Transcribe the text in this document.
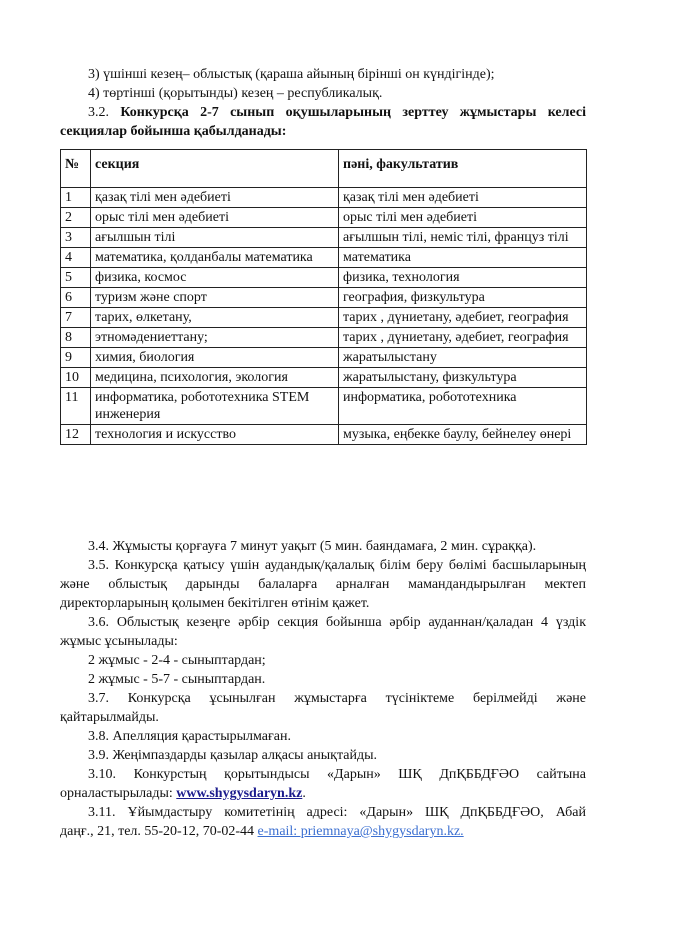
3) үшінші кезең– облыстық (қараша айының бірінші он күндігінде);
4) төртінші (қорытынды) кезең – республикалық.
3.2. Конкурсқа 2-7 сынып оқушыларының зерттеу жұмыстары келесі
секциялар бойынша қабылданады:
№	секция	пәні, факультатив
1	қазақ тілі мен әдебиеті	қазақ тілі мен әдебиеті
2	орыс тілі мен әдебиеті	орыс тілі мен әдебиеті
3	ағылшын тілі	ағылшын тілі, неміс тілі, француз тілі
4	математика, қолданбалы математика	математика
5	физика, космос	физика, технология
6	туризм және спорт	география, физкультура
7	тарих, өлкетану,	тарих , дүниетану, әдебиет, география
8	этномәдениеттану;	тарих , дүниетану, әдебиет, география
9	химия, биология	жаратылыстану
10	медицина, психология, экология	жаратылыстану, физкультура
11	информатика, робототехника STEM инженерия	информатика, робототехника
12	технология и искусство	музыка, еңбекке баулу, бейнелеу өнері
3.4. Жұмысты қорғауға 7 минут уақыт (5 мин. баяндамаға, 2 мин. сұраққа).
3.5. Конкурсқа қатысу үшін аудандық/қалалық білім беру бөлімі басшыларының
және облыстық дарынды балаларға арналған мамандандырылған мектеп
директорларының қолымен бекітілген өтінім қажет.
3.6. Облыстық кезеңге әрбір секция бойынша әрбір ауданнан/қаладан 4 үздік
жұмыс ұсынылады:
2 жұмыс - 2-4 - сыныптардан;
2 жұмыс - 5-7 - сыныптардан.
3.7. Конкурсқа ұсынылған жұмыстарға түсініктеме берілмейді және
қайтарылмайды.
3.8. Апелляция қарастырылмаған.
3.9. Жеңімпаздарды қазылар алқасы анықтайды.
3.10. Конкурстың қорытындысы «Дарын» ШҚ ДпҚББДҒӘО сайтына
орналастырылады: www.shygysdaryn.kz.
3.11. Ұйымдастыру комитетінің адресі: «Дарын» ШҚ ДпҚББДҒӘО, Абай
даңғ., 21, тел. 55-20-12, 70-02-44 e-mail: priemnaya@shygysdaryn.kz.
